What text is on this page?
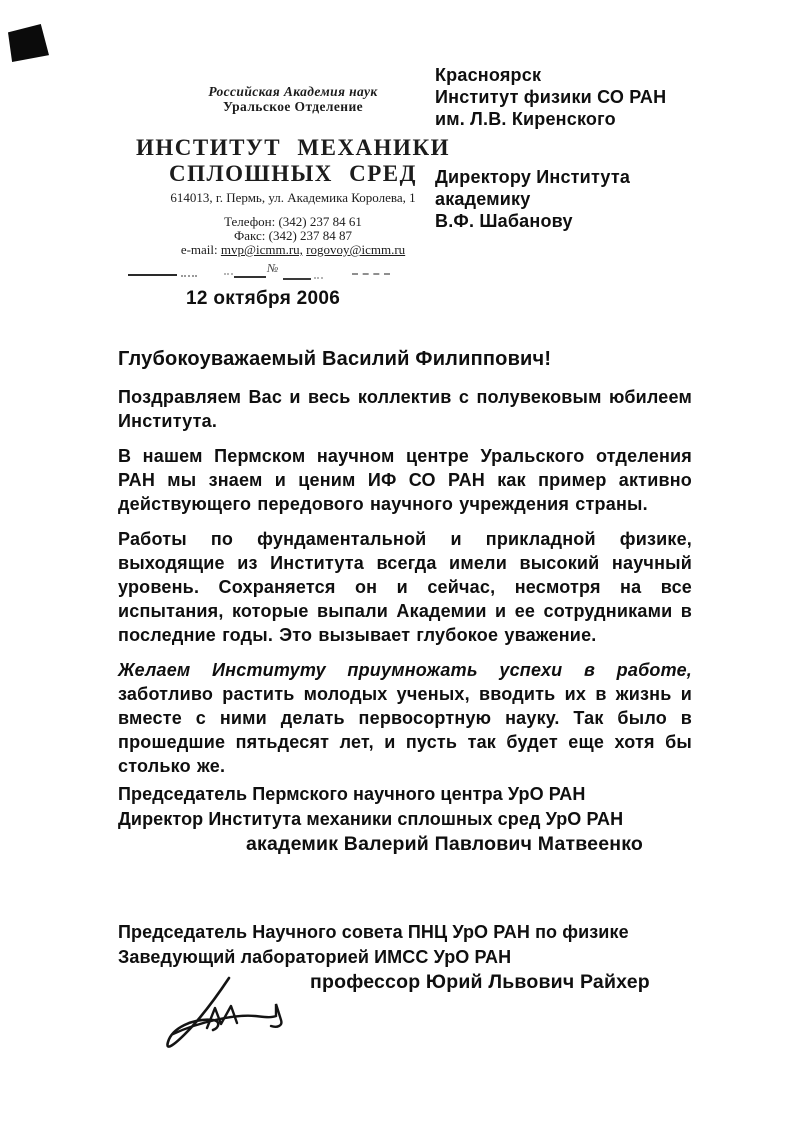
Российская Академия наук
Уральское Отделение
ИНСТИТУТ МЕХАНИКИ
СПЛОШНЫХ СРЕД
614013, г. Пермь, ул. Академика Королева, 1
Телефон: (342) 237 84 61
Факс: (342) 237 84 87
e-mail: mvp@icmm.ru, rogovoy@icmm.ru
№
12 октября 2006
Красноярск
Институт физики СО РАН
им. Л.В. Киренского
Директору Института
академику
В.Ф. Шабанову
Глубокоуважаемый Василий Филиппович!

Поздравляем Вас и весь коллектив с полувековым юбилеем Института.

В нашем Пермском научном центре Уральского отделения РАН мы знаем и ценим ИФ СО РАН как пример активно действующего передового научного учреждения страны.

Работы по фундаментальной и прикладной физике, выходящие из Института всегда имели высокий научный уровень. Сохраняется он и сейчас, несмотря на все испытания, которые выпали Академии и ее сотрудниками в последние годы. Это вызывает глубокое уважение.

Желаем Институту приумножать успехи в работе, заботливо растить молодых ученых, вводить их в жизнь и вместе с ними делать первосортную науку. Так было в прошедшие пятьдесят лет, и пусть так будет еще хотя бы столько же.

Председатель Пермского научного центра УрО РАН
Директор Института механики сплошных сред УрО РАН
академик Валерий Павлович Матвеенко
Председатель Научного совета ПНЦ УрО РАН по физике
Заведующий лабораторией ИМСС УрО РАН
профессор Юрий Львович Райхер
